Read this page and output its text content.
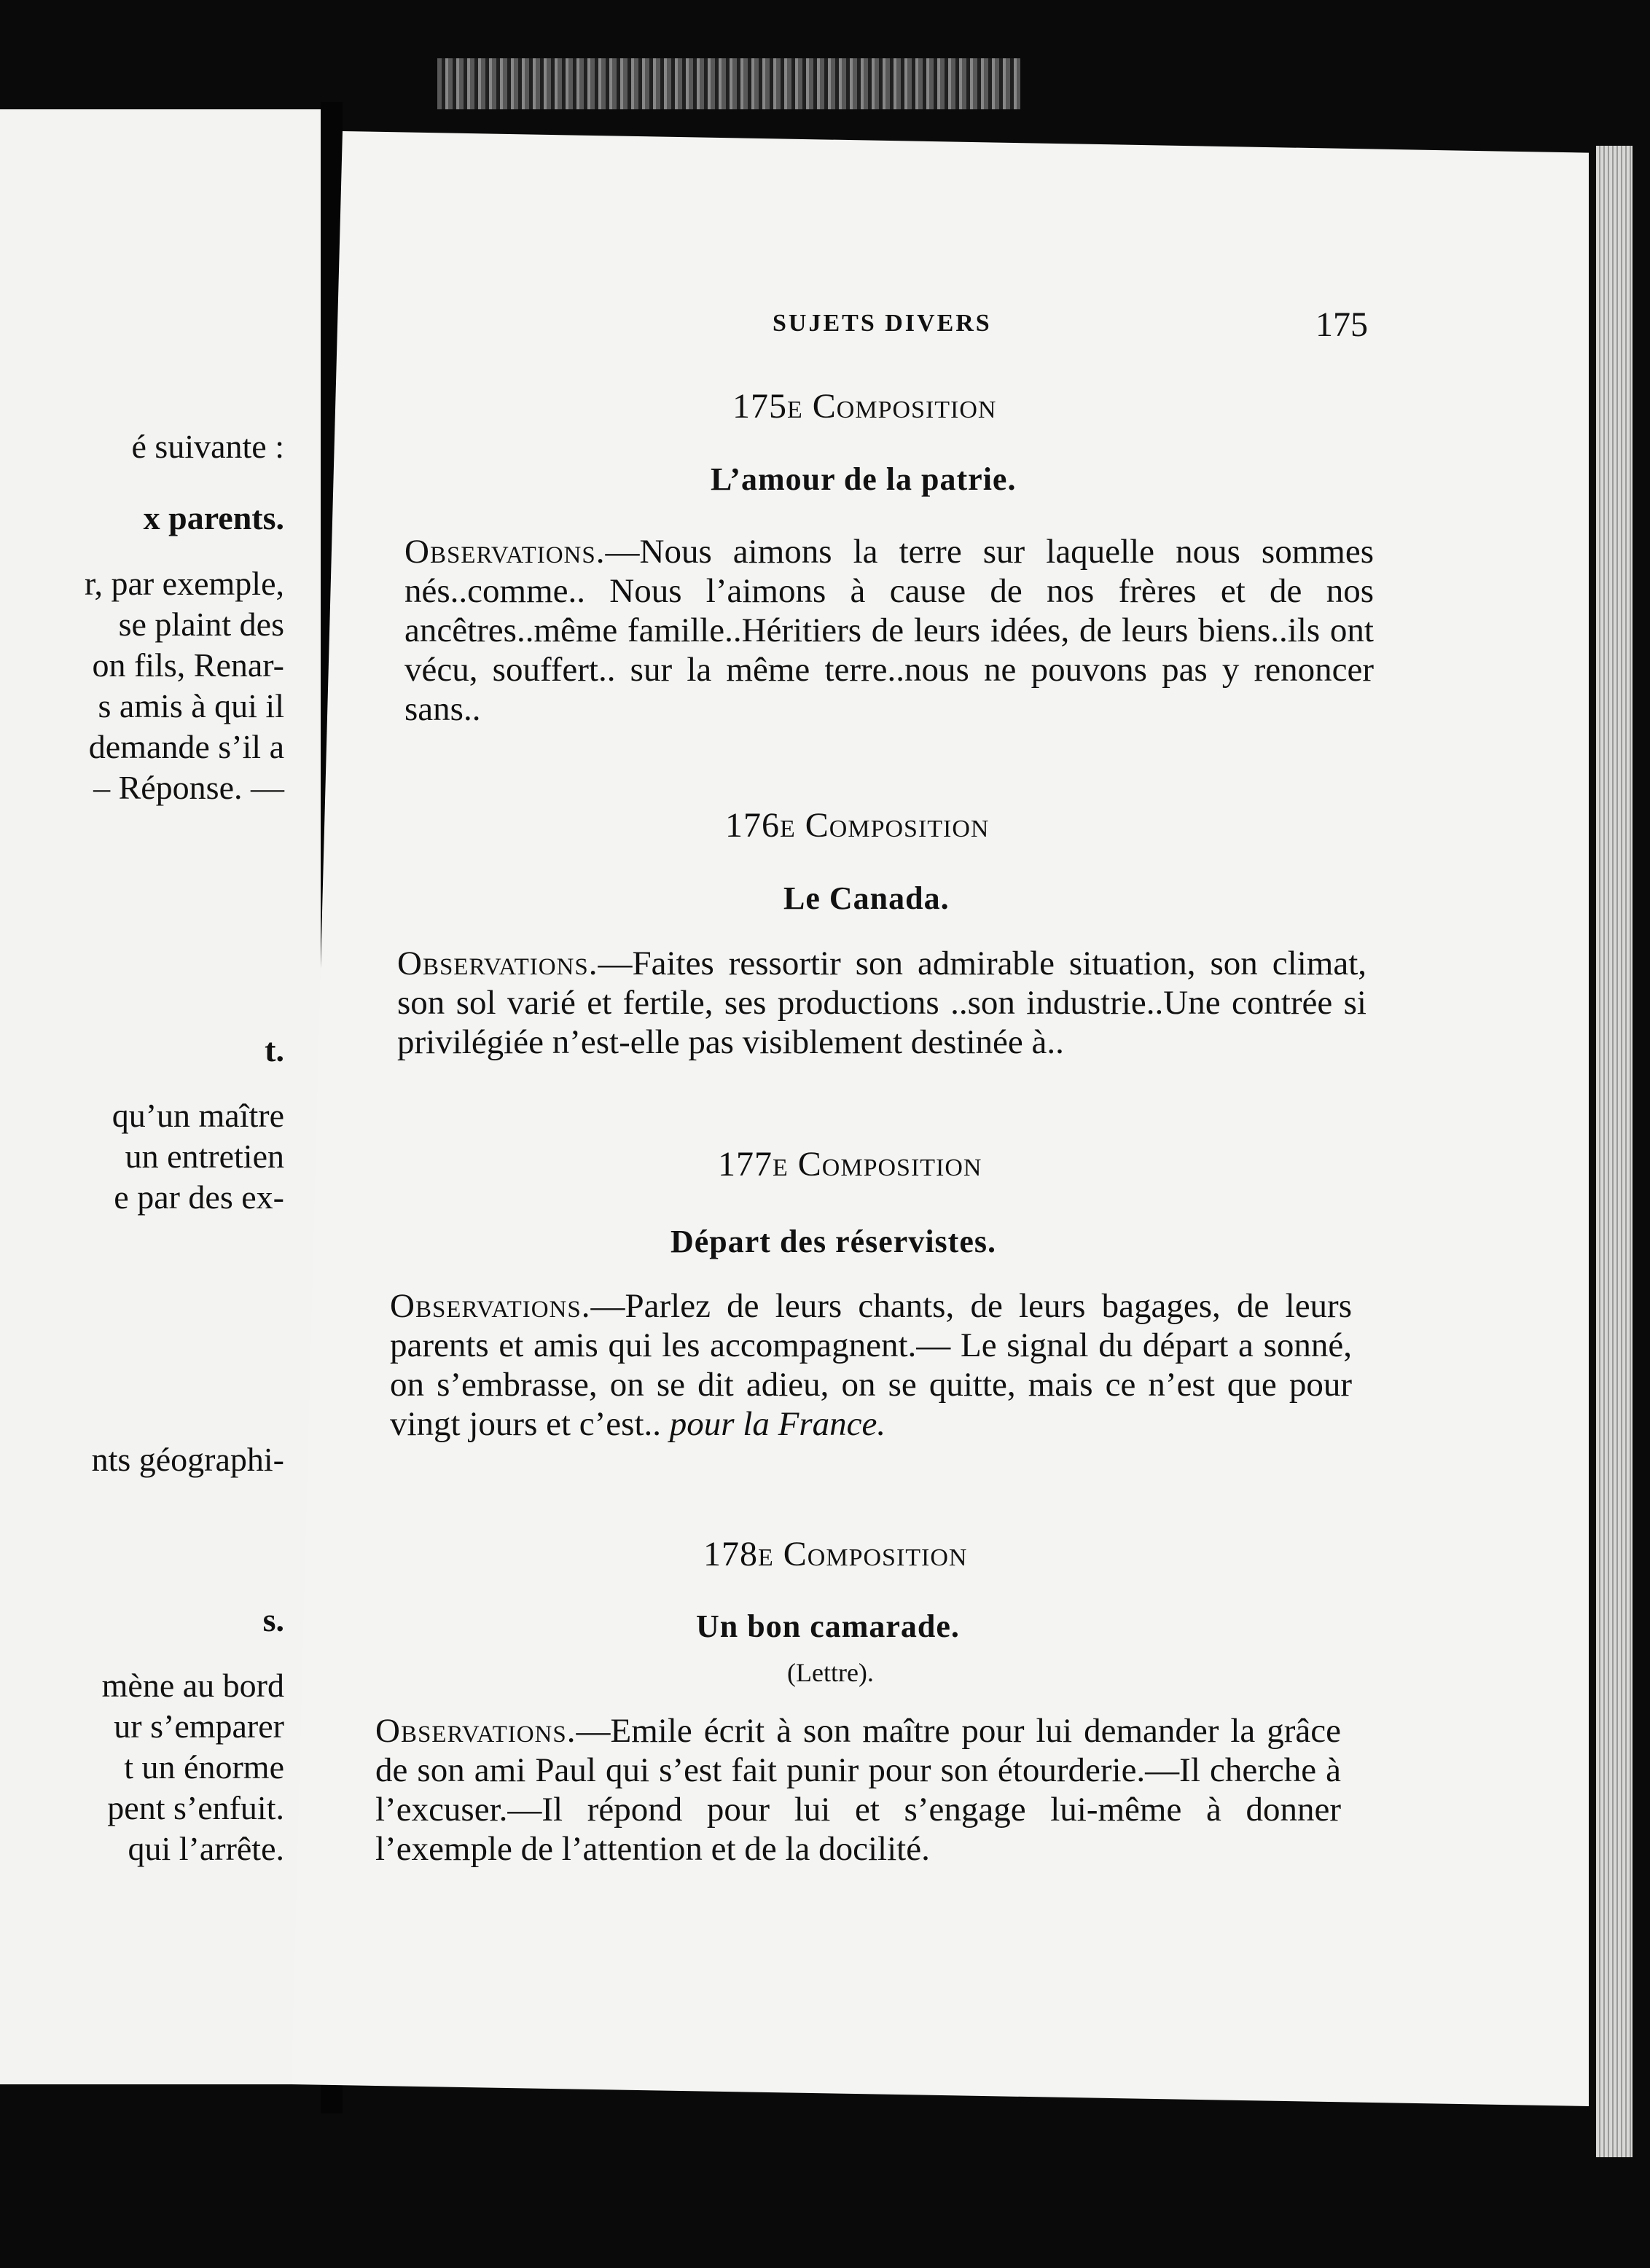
é suivante :
x parents.
r, par exemple,
se plaint des
on fils, Renar-
s amis à qui il
demande s’il a
– Réponse. —
t.
qu’un maître
un entretien
e par des ex-
nts géographi-
s.
mène au bord
ur s’emparer
t un énorme
pent s’enfuit.
qui l’arrête.
SUJETS DIVERS	175
175e Composition
L’amour de la patrie.
Observations.—Nous aimons la terre sur laquelle nous sommes nés..comme.. Nous l’aimons à cause de nos frères et de nos ancêtres..même famille..Héritiers de leurs idées, de leurs biens..ils ont vécu, souffert.. sur la même terre..nous ne pouvons pas y renoncer sans..
176e Composition
Le Canada.
Observations.—Faites ressortir son admirable situation, son climat, son sol varié et fertile, ses productions ..son industrie..Une contrée si privilégiée n’est-elle pas visiblement destinée à..
177e Composition
Départ des réservistes.
Observations.—Parlez de leurs chants, de leurs bagages, de leurs parents et amis qui les accompagnent.— Le signal du départ a sonné, on s’embrasse, on se dit adieu, on se quitte, mais ce n’est que pour vingt jours et c’est.. pour la France.
178e Composition
Un bon camarade.
(Lettre).
Observations.—Emile écrit à son maître pour lui demander la grâce de son ami Paul qui s’est fait punir pour son étourderie.—Il cherche à l’excuser.—Il répond pour lui et s’engage lui-même à donner l’exemple de l’attention et de la docilité.
